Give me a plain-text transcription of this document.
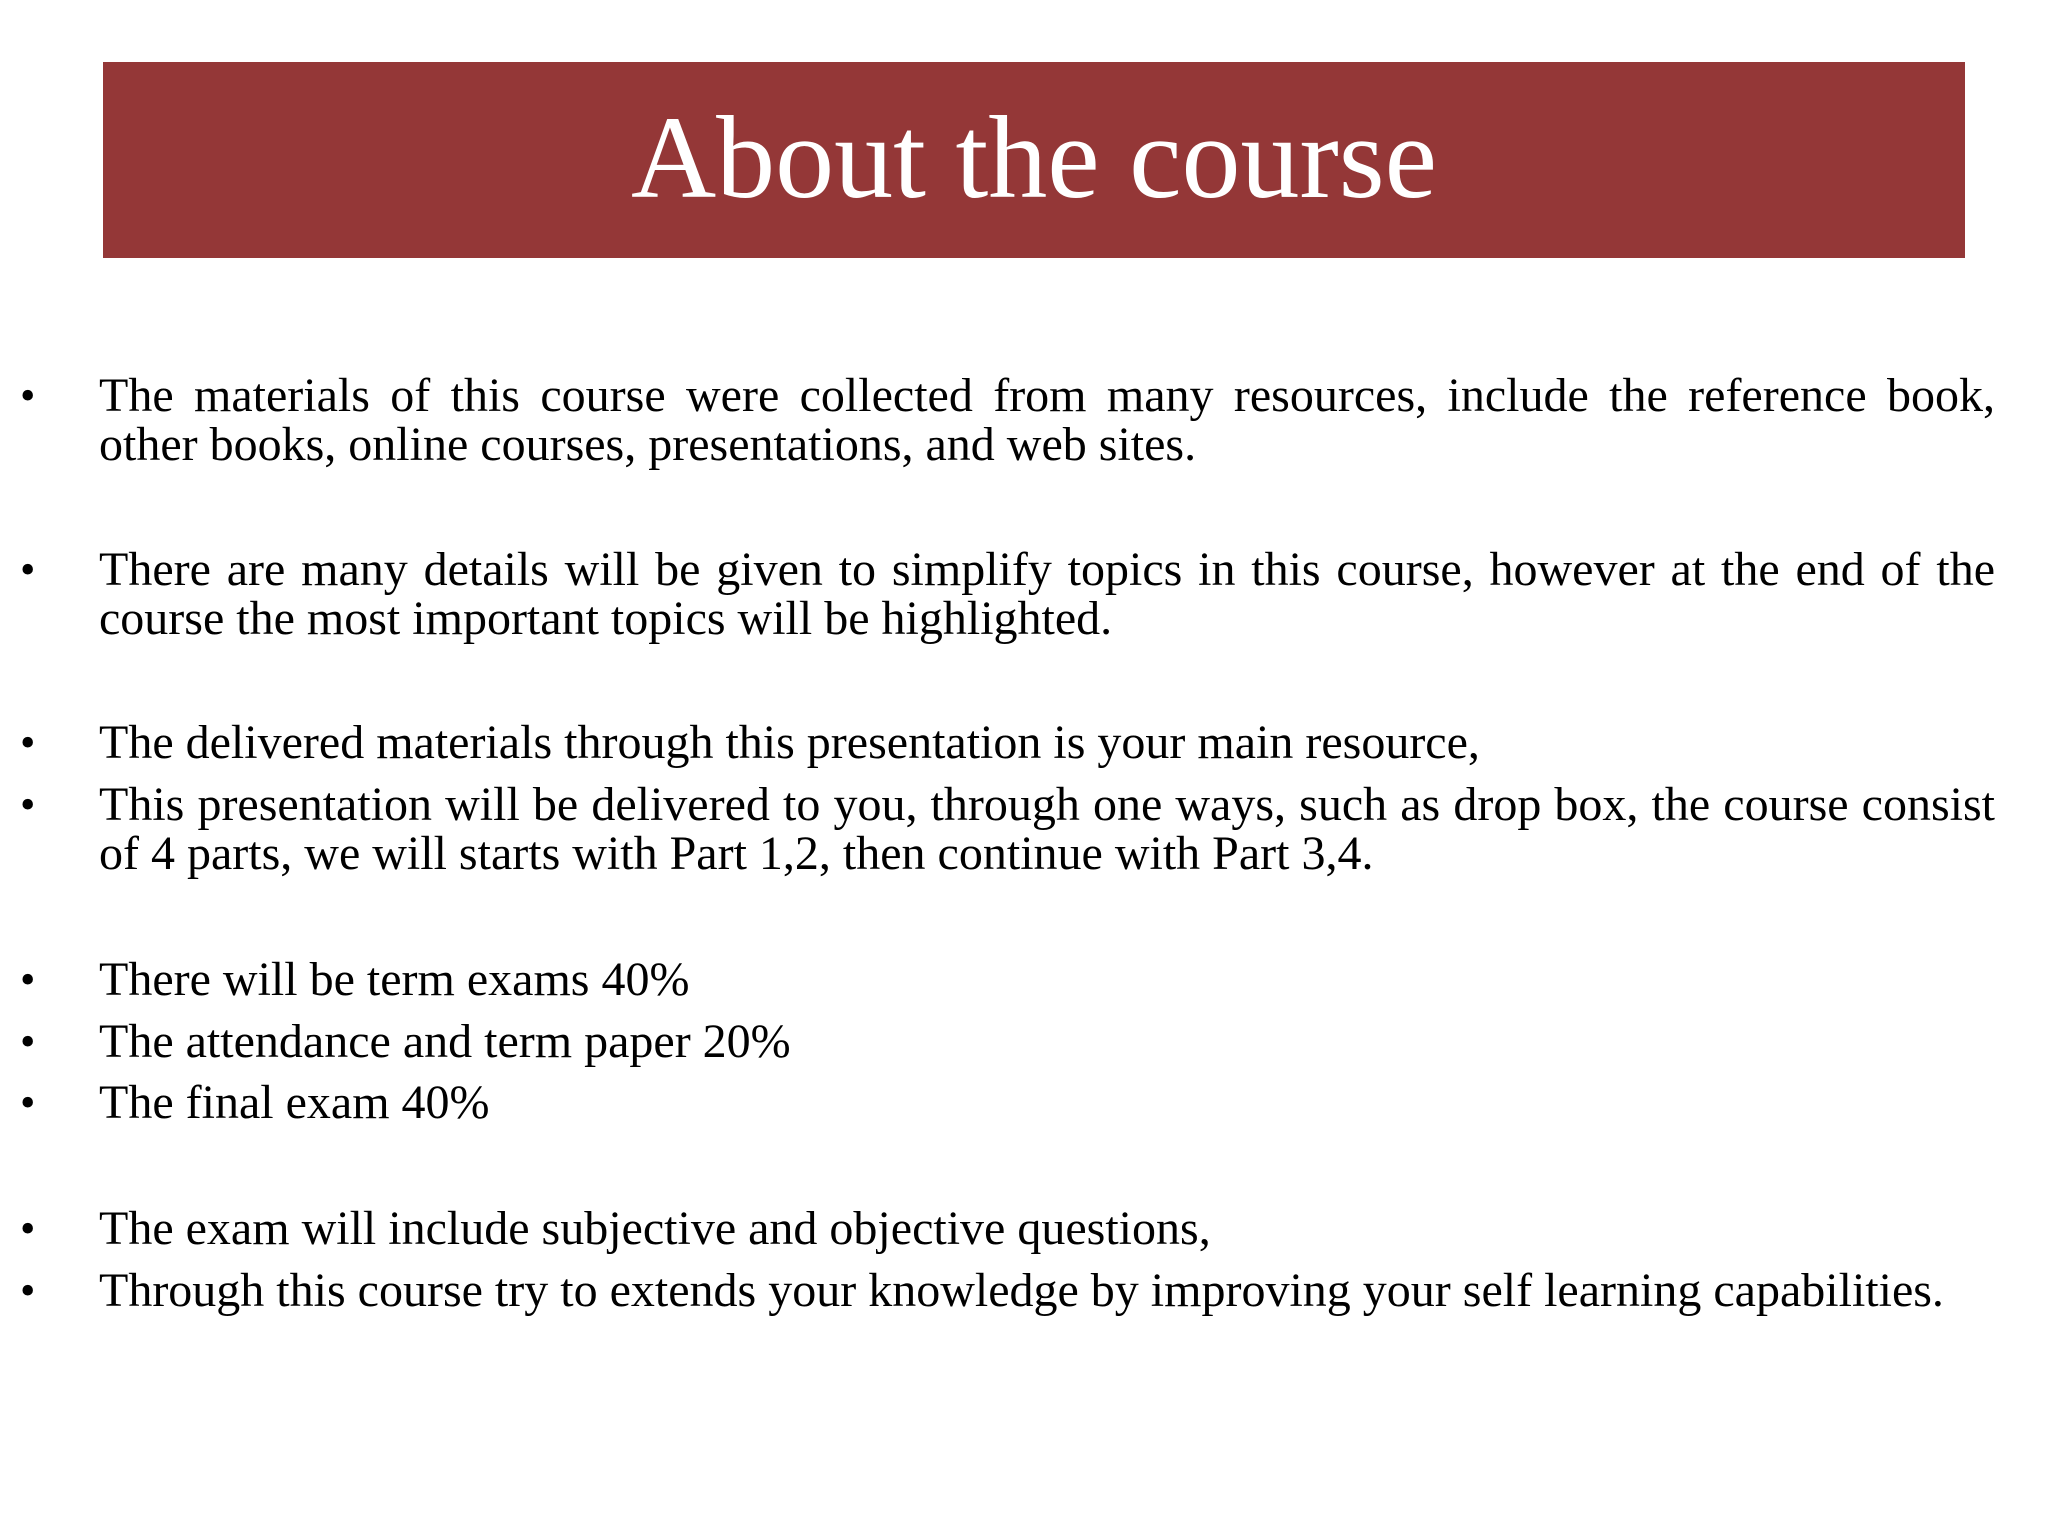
About the course
• The materials of this course were collected from many resources, include the reference book, other books, online courses, presentations, and web sites.
• There are many details will be given to simplify topics in this course, however at the end of the course the most important topics will be highlighted.
• The delivered materials through this presentation is your main resource,
• This presentation will be delivered to you, through one ways, such as drop box, the course consist of 4 parts, we will starts with Part 1,2, then continue with Part 3,4.
• There will be term exams 40%
• The attendance and term paper 20%
• The final exam 40%
• The exam will include subjective and objective questions,
• Through this course try to extends your knowledge by improving your self learning capabilities.
